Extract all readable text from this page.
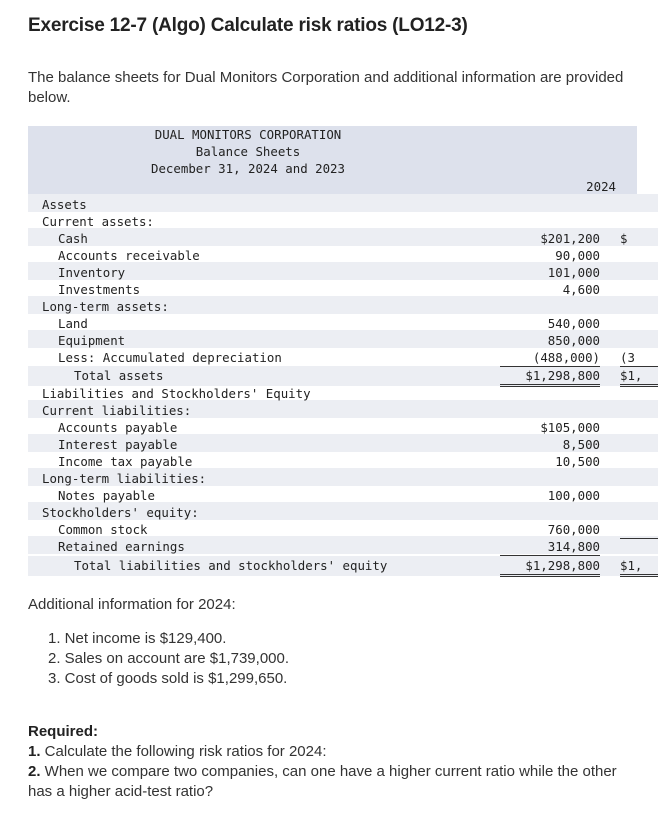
Exercise 12-7 (Algo) Calculate risk ratios (LO12-3)
The balance sheets for Dual Monitors Corporation and additional information are provided below.
DUAL MONITORS CORPORATION
Balance Sheets
December 31, 2024 and 2023
2024
Assets
Current assets:
Cash	$201,200 $
Accounts receivable	90,000
Inventory	101,000
Investments	4,600
Long-term assets:
Land	540,000
Equipment	850,000
Less: Accumulated depreciation	(488,000) (3
Total assets	$1,298,800 $1,
Liabilities and Stockholders' Equity
Current liabilities:
Accounts payable	$105,000
Interest payable	8,500
Income tax payable	10,500
Long-term liabilities:
Notes payable	100,000
Stockholders' equity:
Common stock	760,000
Retained earnings	314,800
Total liabilities and stockholders' equity	$1,298,800 $1,
Additional information for 2024:
1. Net income is $129,400.
2. Sales on account are $1,739,000.
3. Cost of goods sold is $1,299,650.
Required:
1. Calculate the following risk ratios for 2024:
2. When we compare two companies, can one have a higher current ratio while the other has a higher acid-test ratio?
